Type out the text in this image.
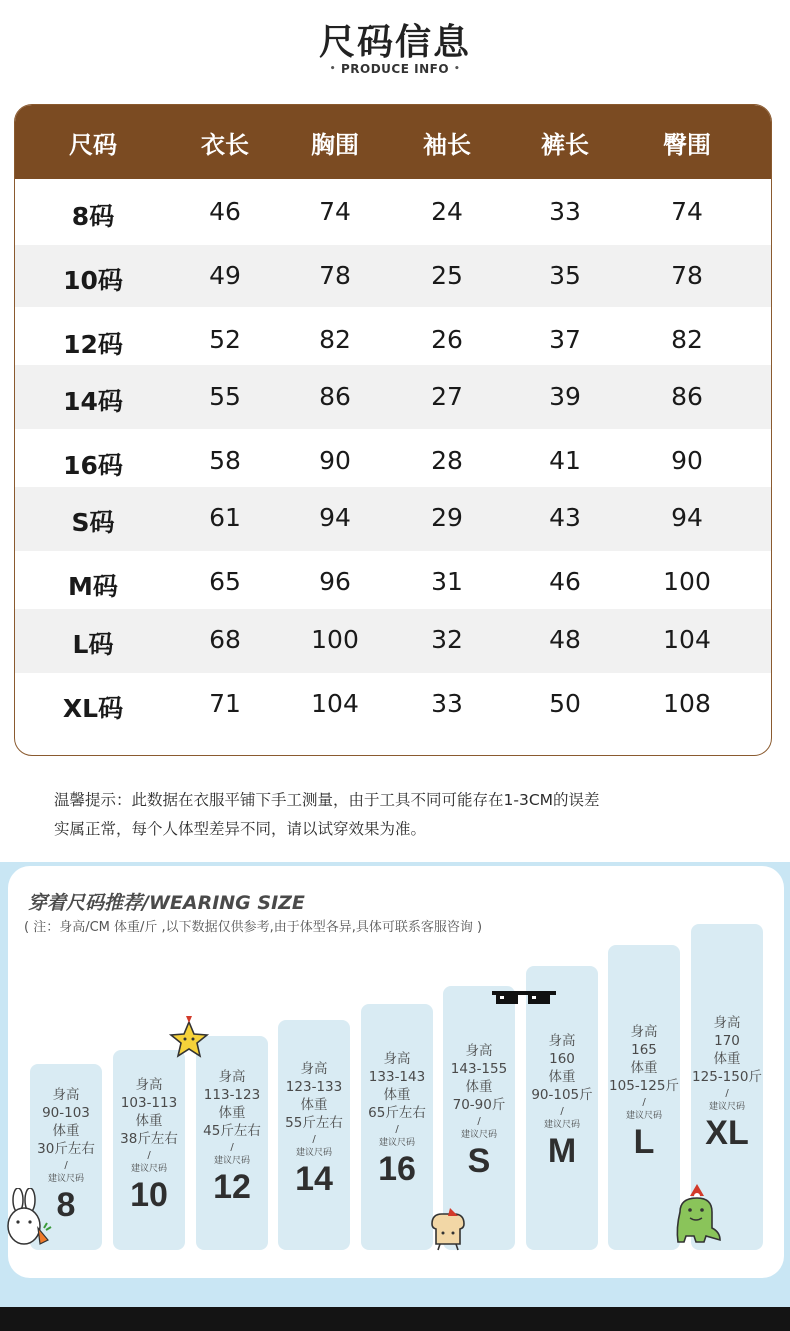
尺码信息
• PRODUCE INFO •
尺码	衣长	胸围	袖长	裤长	臀围
8码	46	74	24	33	74
10码	49	78	25	35	78
12码	52	82	26	37	82
14码	55	86	27	39	86
16码	58	90	28	41	90
S码	61	94	29	43	94
M码	65	96	31	46	100
L码	68	100	32	48	104
XL码	71	104	33	50	108
温馨提示：此数据在衣服平铺下手工测量，由于工具不同可能存在1-3CM的误差
实属正常，每个人体型差异不同，请以试穿效果为准。
穿着尺码推荐/WEARING SIZE
( 注：身高/CM 体重/斤 ,以下数据仅供参考,由于体型各异,具体可联系客服咨询 )
身高
90-103
体重
30斤左右
/
建议尺码
8
身高
103-113
体重
38斤左右
/
建议尺码
10
身高
113-123
体重
45斤左右
/
建议尺码
12
身高
123-133
体重
55斤左右
/
建议尺码
14
身高
133-143
体重
65斤左右
/
建议尺码
16
身高
143-155
体重
70-90斤
/
建议尺码
S
身高
160
体重
90-105斤
/
建议尺码
M
身高
165
体重
105-125斤
/
建议尺码
L
身高
170
体重
125-150斤
/
建议尺码
XL
